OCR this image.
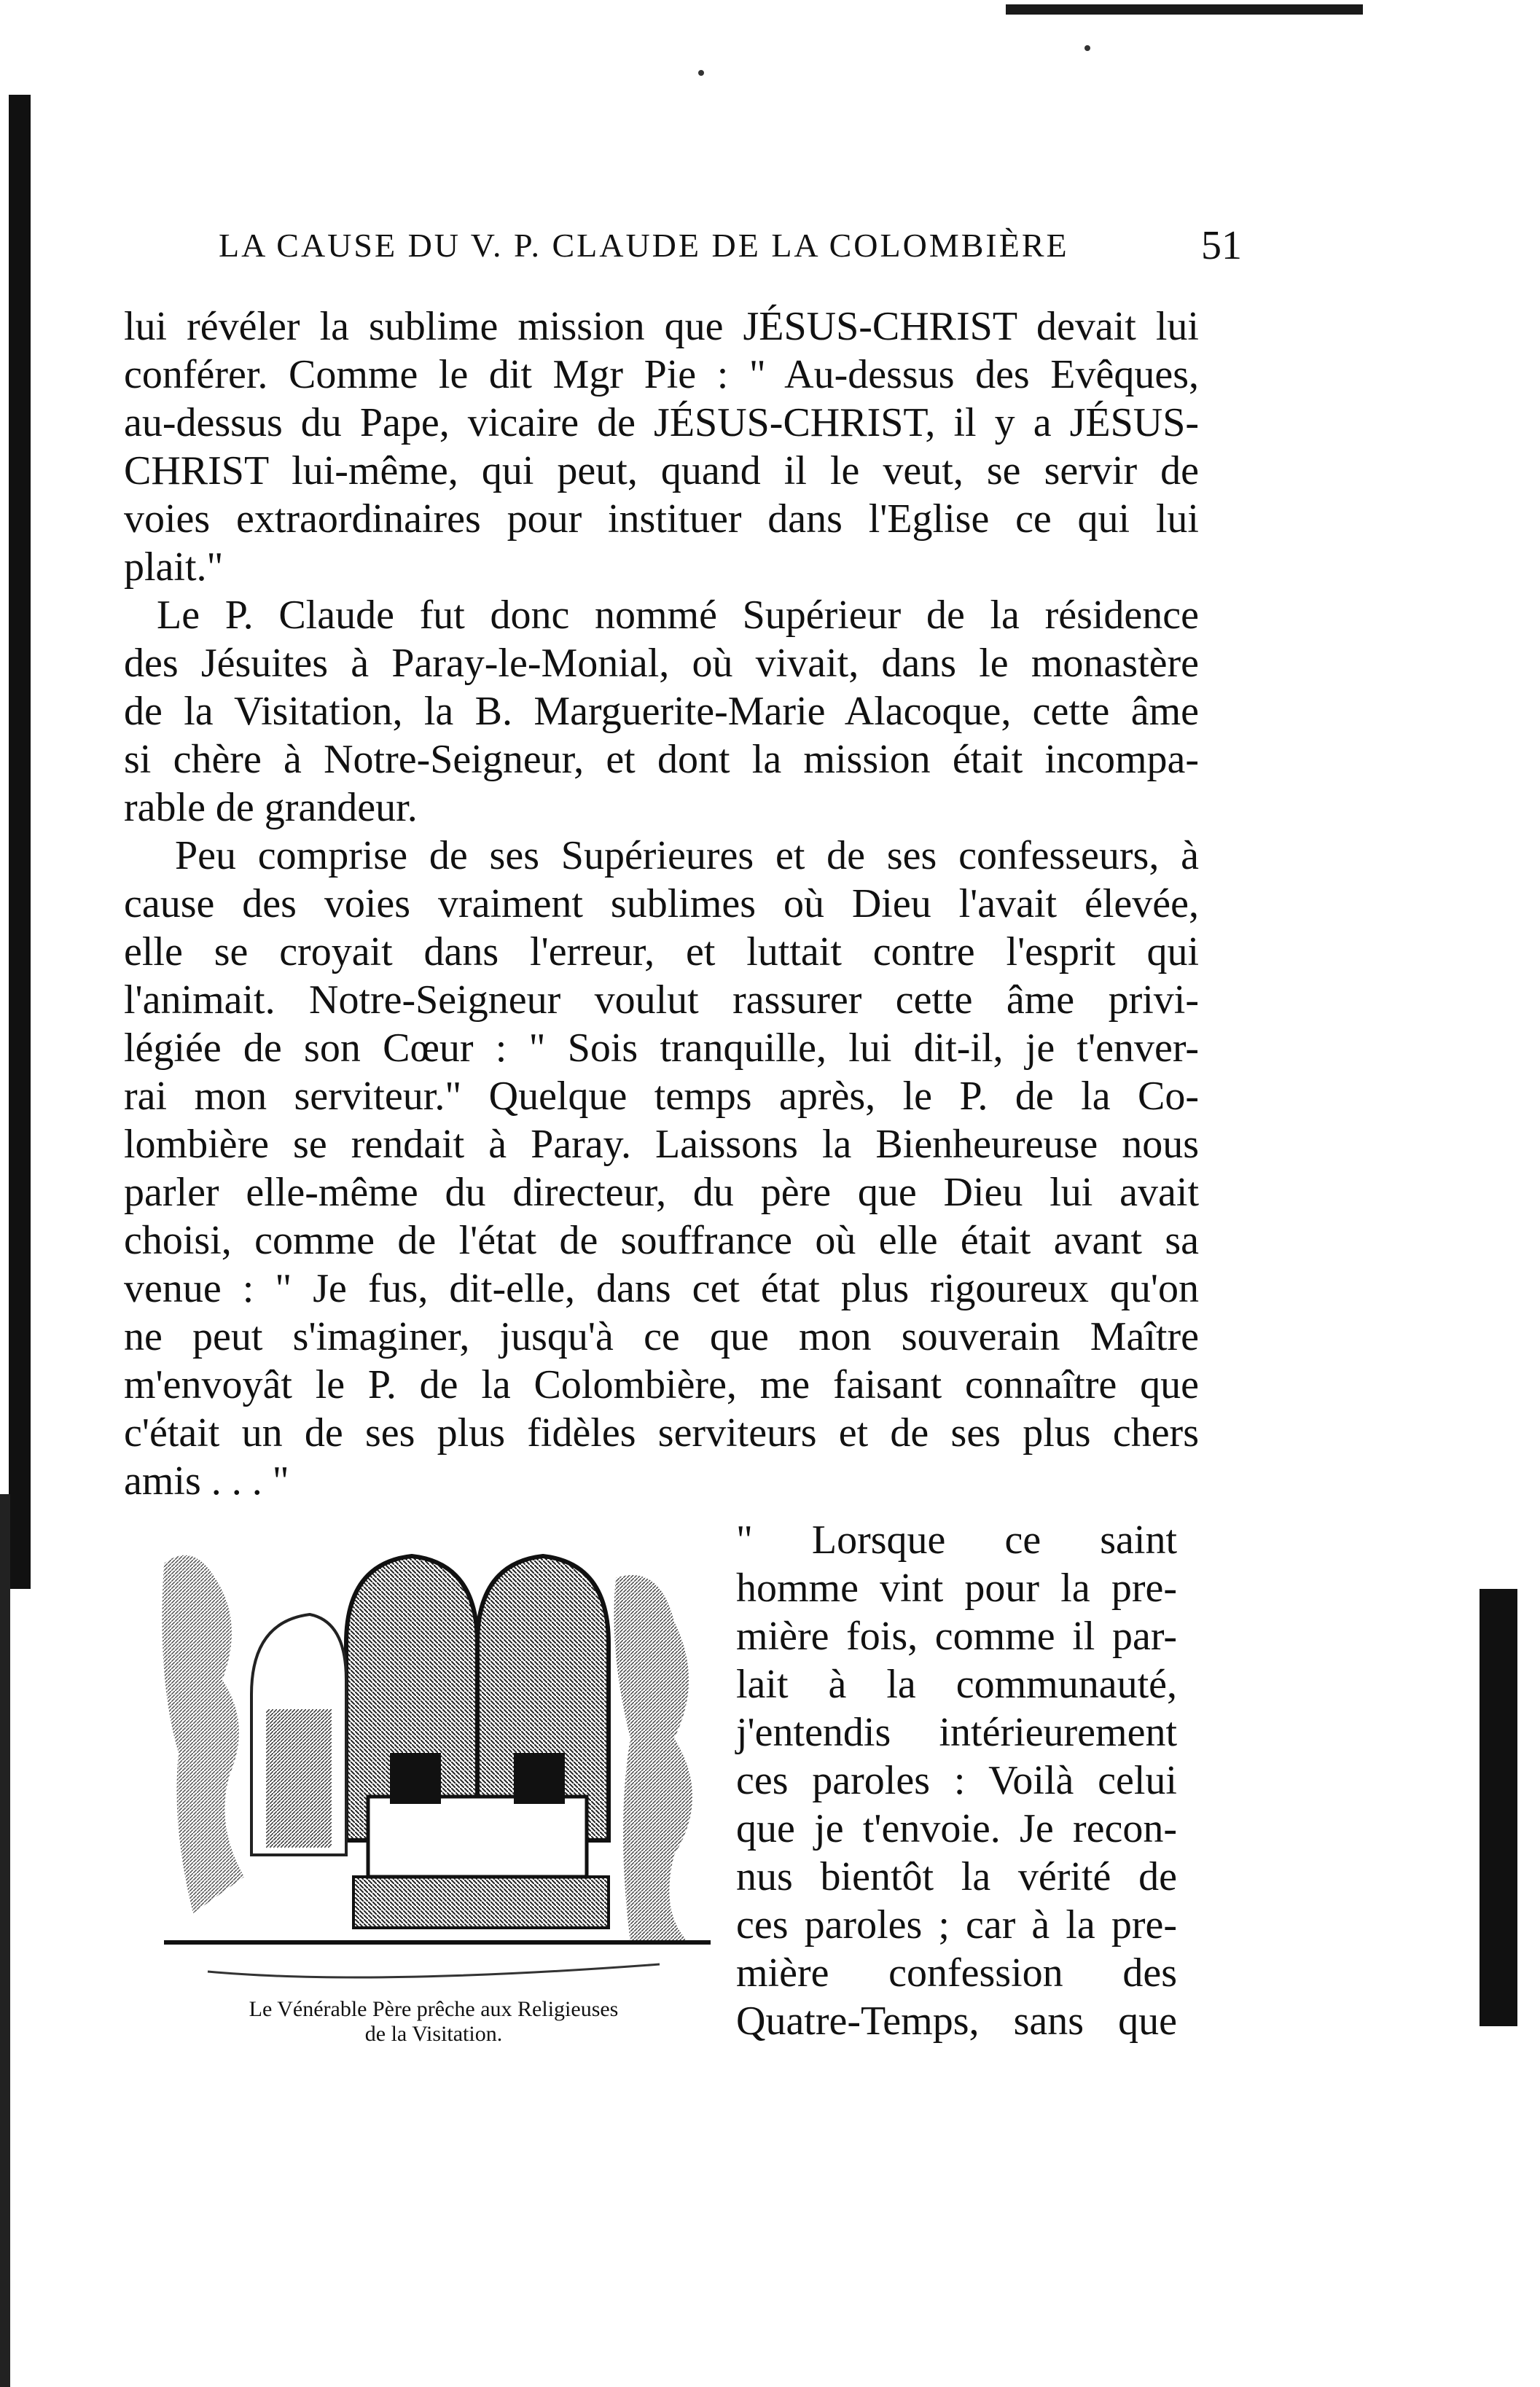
LA CAUSE DU V. P. CLAUDE DE LA COLOMBIÈRE	51
lui révéler la sublime mission que JÉSUS-CHRIST devait lui
conférer. Comme le dit Mgr Pie : " Au-dessus des Evêques,
au-dessus du Pape, vicaire de JÉSUS-CHRIST, il y a JÉSUS-
CHRIST lui-même, qui peut, quand il le veut, se servir de
voies extraordinaires pour instituer dans l'Eglise ce qui lui
plait."
Le P. Claude fut donc nommé Supérieur de la résidence
des Jésuites à Paray-le-Monial, où vivait, dans le monastère
de la Visitation, la B. Marguerite-Marie Alacoque, cette âme
si chère à Notre-Seigneur, et dont la mission était incompa-
rable de grandeur.
Peu comprise de ses Supérieures et de ses confesseurs, à
cause des voies vraiment sublimes où Dieu l'avait élevée,
elle se croyait dans l'erreur, et luttait contre l'esprit qui
l'animait. Notre-Seigneur voulut rassurer cette âme privi-
légiée de son Cœur : " Sois tranquille, lui dit-il, je t'enver-
rai mon serviteur." Quelque temps après, le P. de la Co-
lombière se rendait à Paray. Laissons la Bienheureuse nous
parler elle-même du directeur, du père que Dieu lui avait
choisi, comme de l'état de souffrance où elle était avant sa
venue : " Je fus, dit-elle, dans cet état plus rigoureux qu'on
ne peut s'imaginer, jusqu'à ce que mon souverain Maître
m'envoyât le P. de la Colombière, me faisant connaître que
c'était un de ses plus fidèles serviteurs et de ses plus chers
amis . . . "
" Lorsque ce saint
homme vint pour la pre-
mière fois, comme il par-
lait à la communauté,
j'entendis intérieurement
ces paroles : Voilà celui
que je t'envoie. Je recon-
nus bientôt la vérité de
ces paroles ; car à la pre-
mière confession des
Quatre-Temps, sans que
Le Vénérable Père prêche aux Religieuses
de la Visitation.
